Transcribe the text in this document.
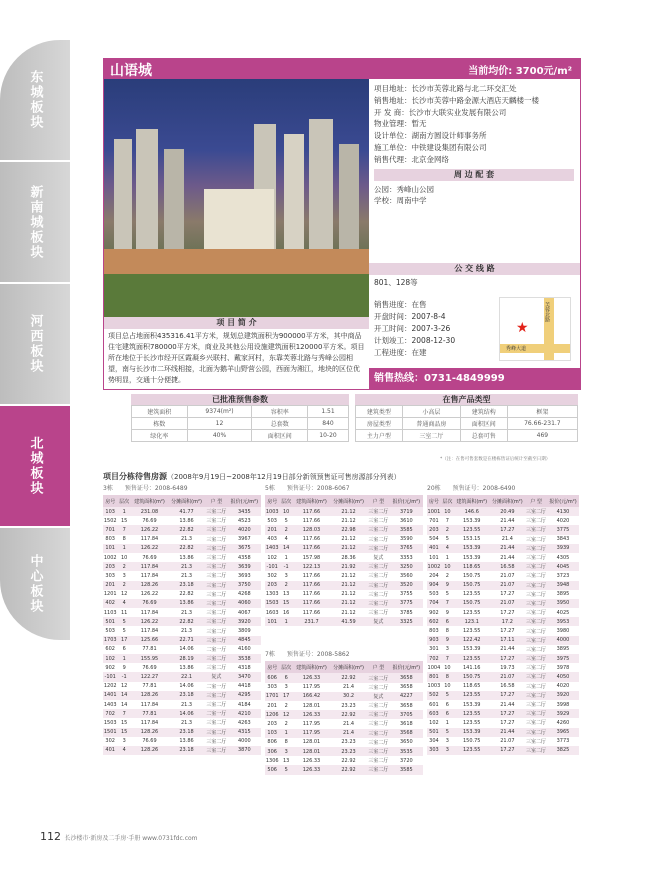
东城板块
新南城板块
河西板块
北城板块
中心板块
山语城	当前均价: 3700元/m²
项目地址：长沙市芙蓉北路与北二环交汇处
销售地址：长沙市芙蓉中路金源大酒店天麟楼一楼
开 发 商：长沙市大联实业发展有限公司
物业管理：暂无
设计单位：湖南方圆设计师事务所
施工单位：中铁建设集团有限公司
销售代理：北京金网络
周 边 配 套
公园：秀峰山公园
学校：周南中学
项 目 简 介
项目总占地面积435316.41平方米，规划总建筑面积为900000平方米，其中商品住宅建筑面积780000平方米，商业及其他公用设施建筑面积120000平方米。项目所在地位于长沙市经开区霞凝乡兴联村、戴家河村，东靠芙蓉北路与秀峰公园相望，南与长沙市二环线相接，北面为鹅羊山野营公园，西面为湘江，地块的区位优势明显，交通十分便捷。
公 交 线 路
801、128等
销售进度：在售
开盘时间：2007-8-4
开工时间：2007-3-26
计划竣工：2008-12-30
工程进度：在建
★
芙蓉北路
秀峰大道
销售热线：0731-4849999
已批准预售参数
建筑面积	9374(m²)	容积率	1.51
栋数	12	总套数	840
绿化率	40%	面积区间	10-20
在售产品类型
建筑类型	小高层	建筑结构	框架
房屋类型	普通商品房	面积区间	76.66-231.7
主力户型	三室二厅	总套可售	469
*（注：在售可售套数是在楼栋售证后统计至截至日期）
项目分栋待售房源（2008年9月19日~2008年12月19日部分新领预售证可售房源部分列表）
3栋　　预售证号：2008-6489
房号	层次	建筑面积(m²)	分摊面积(m²)	户 型	报价(元/m²)
103	1	231.08	41.77	三室二厅	3435
1502	15	76.69	13.86	三室二厅	4523
701	7	126.22	22.82	三室二厅	4020
803	8	117.84	21.3	三室二厅	3967
101	1	126.22	22.82	三室二厅	3675
1002	10	76.69	13.86	三室二厅	4358
203	2	117.84	21.3	三室二厅	3639
303	3	117.84	21.3	三室二厅	3693
201	2	128.26	23.18	三室二厅	3750
1201	12	126.22	22.82	三室二厅	4268
402	4	76.69	13.86	三室二厅	4060
1103	11	117.84	21.3	三室二厅	4067
501	5	126.22	22.82	三室二厅	3920
503	5	117.84	21.3	三室二厅	3809
1703	17	125.66	22.71	三室二厅	4845
602	6	77.81	14.06	二室一厅	4160
102	1	155.95	28.19	三室二厅	3538
902	9	76.69	13.86	三室二厅	4318
-101	-1	122.27	22.1	复式	3470
1202	12	77.81	14.06	二室一厅	4418
1401	14	128.26	23.18	三室二厅	4295
1403	14	117.84	21.3	三室二厅	4184
702	7	77.81	14.06	二室一厅	4210
1503	15	117.84	21.3	三室二厅	4263
1501	15	128.26	23.18	三室二厅	4315
302	3	76.69	13.86	三室二厅	4000
401	4	128.26	23.18	三室二厅	3870
5栋　　预售证号：2008-6067
房号	层次	建筑面积(m²)	分摊面积(m²)	户 型	报价(元/m²)
1003	10	117.66	21.12	三室二厅	3719
503	5	117.66	21.12	三室二厅	3610
201	2	128.03	22.98	三室二厅	3585
403	4	117.66	21.12	三室二厅	3590
1403	14	117.66	21.12	三室二厅	3765
102	1	157.98	28.36	复式	3353
-101	-1	122.13	21.92	三室二厅	3250
302	3	117.66	21.12	三室二厅	3560
203	2	117.66	21.12	三室二厅	3520
1303	13	117.66	21.12	三室二厅	3755
1503	15	117.66	21.12	三室二厅	3775
1603	16	117.66	21.12	三室二厅	3785
101	1	231.7	41.59	复式	3325
7栋　　预售证号：2008-5862
房号	层次	建筑面积(m²)	分摊面积(m²)	户 型	报价(元/m²)
606	6	126.33	22.92	三室二厅	3658
303	3	117.95	21.4	三室二厅	3658
1701	17	166.42	30.2	复式	4227
201	2	128.01	23.23	三室二厅	3658
1206	12	126.33	22.92	三室二厅	3705
203	2	117.95	21.4	三室二厅	3618
103	1	117.95	21.4	三室二厅	3568
806	8	128.01	23.23	三室二厅	3650
306	3	128.01	23.23	三室二厅	3535
1306	13	126.33	22.92	三室二厅	3720
506	5	126.33	22.92	三室二厅	3585
20栋　　预售证号：2008-6490
房号	层次	建筑面积(m²)	分摊面积(m²)	户 型	报价(元/m²)
1001	10	146.6	20.49	三室二厅	4130
701	7	153.39	21.44	三室二厅	4020
203	2	123.55	17.27	三室二厅	3775
504	5	153.15	21.4	三室二厅	3843
401	4	153.39	21.44	三室二厅	3939
101	1	153.39	21.44	三室二厅	4305
1002	10	118.65	16.58	三室二厅	4045
204	2	150.75	21.07	三室二厅	3723
904	9	150.75	21.07	三室二厅	3948
503	5	123.55	17.27	三室二厅	3895
704	7	150.75	21.07	三室二厅	3950
902	9	123.55	17.27	三室二厅	4025
602	6	123.1	17.2	三室二厅	3953
803	8	123.55	17.27	三室二厅	3980
903	9	122.42	17.11	三室二厅	4000
301	3	153.39	21.44	三室二厅	3895
702	7	123.55	17.27	三室二厅	3975
1004	10	141.16	19.73	三室二厅	3978
801	8	150.75	21.07	三室二厅	4050
1003	10	118.65	16.58	三室二厅	4020
502	5	123.55	17.27	三室二厅	3920
601	6	153.39	21.44	三室二厅	3998
603	6	123.55	17.27	三室二厅	3929
102	1	123.55	17.27	三室二厅	4260
501	5	153.39	21.44	三室二厅	3965
304	3	150.75	21.07	三室二厅	3773
303	3	123.55	17.27	三室二厅	3825
112 长沙楼市·新房及二手房·手册 www.0731fdc.com
